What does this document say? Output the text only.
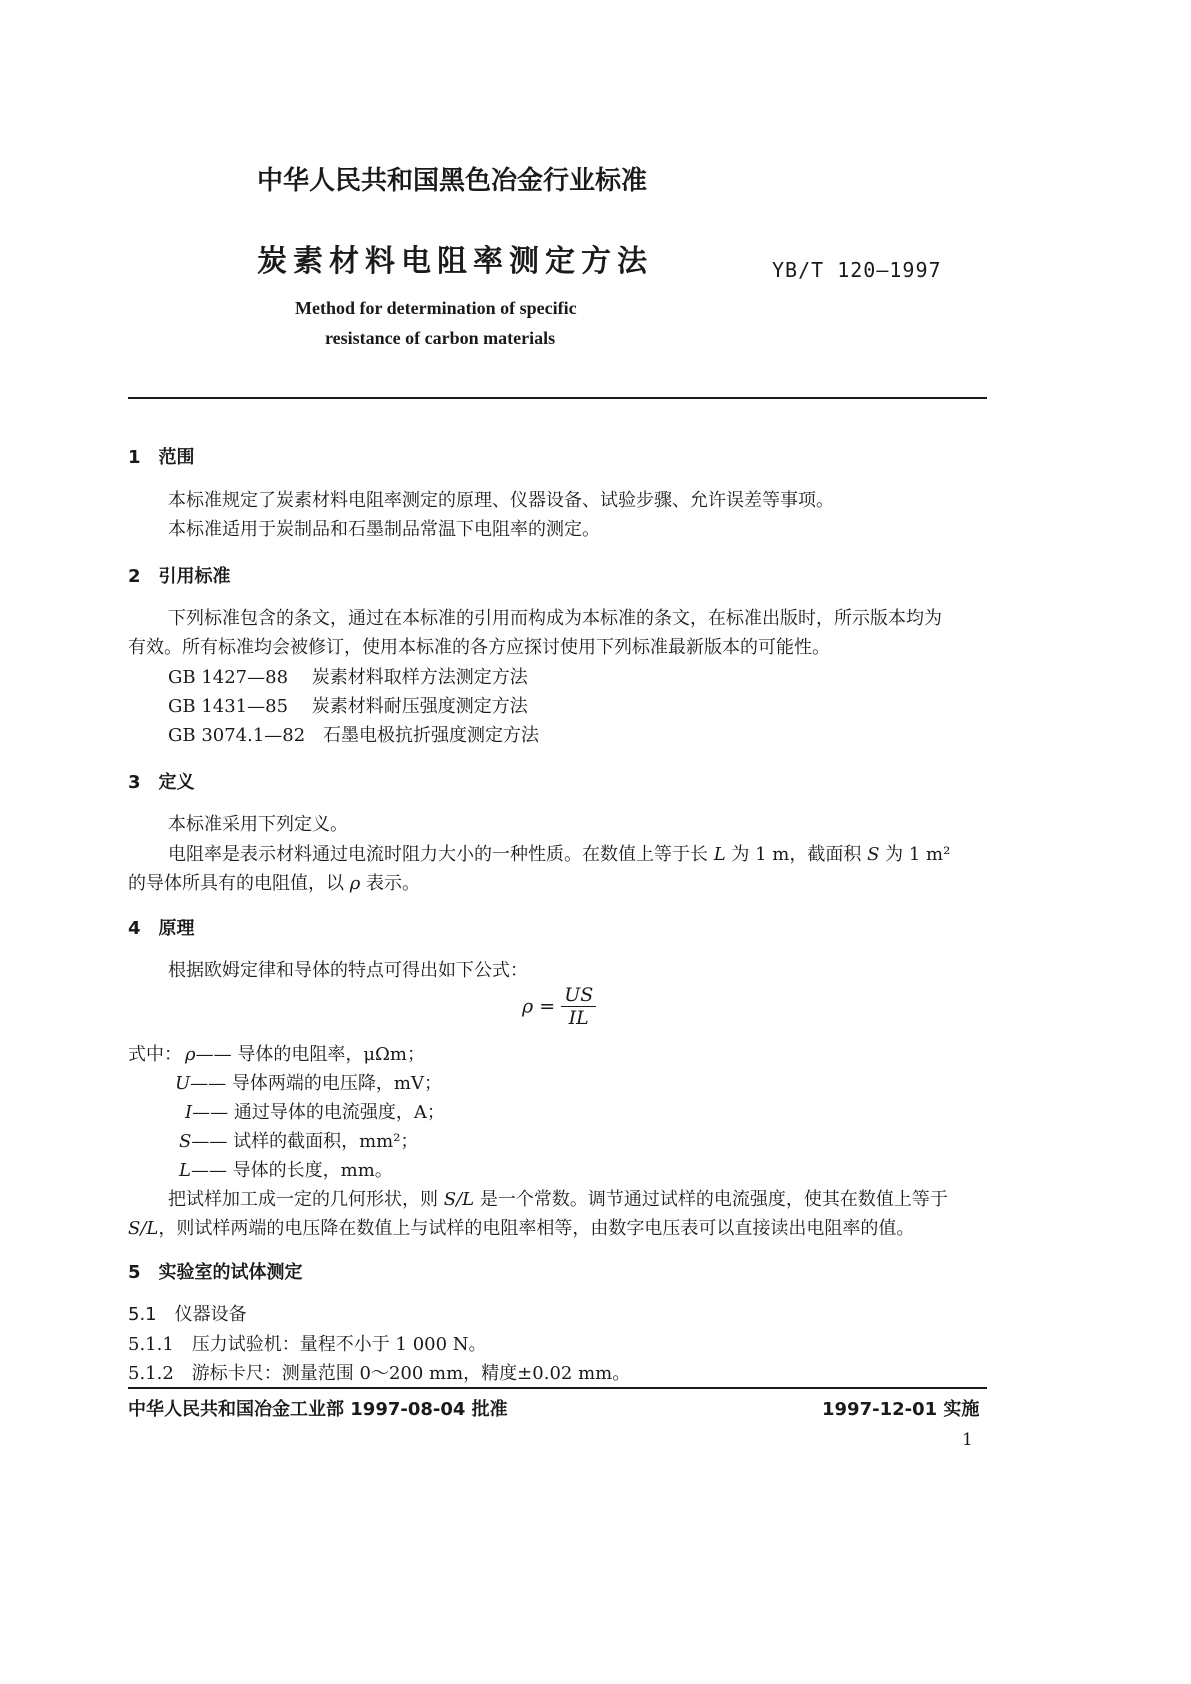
中华人民共和国黑色冶金行业标准
炭素材料电阻率测定方法	YB/T 120—1997
Method for determination of specific
resistance of carbon materials
1　范围
本标准规定了炭素材料电阻率测定的原理、仪器设备、试验步骤、允许误差等事项。
本标准适用于炭制品和石墨制品常温下电阻率的测定。
2　引用标准
下列标准包含的条文，通过在本标准的引用而构成为本标准的条文，在标准出版时，所示版本均为
有效。所有标准均会被修订，使用本标准的各方应探讨使用下列标准最新版本的可能性。
GB 1427—88 炭素材料取样方法测定方法
GB 1431—85 炭素材料耐压强度测定方法
GB 3074.1—82 石墨电极抗折强度测定方法
3　定义
本标准采用下列定义。
电阻率是表示材料通过电流时阻力大小的一种性质。在数值上等于长 L 为 1 m，截面积 S 为 1 m²
的导体所具有的电阻值，以 ρ 表示。
4　原理
根据欧姆定律和导体的特点可得出如下公式：
$\rho = \frac{US}{IL}$
式中： ρ—— 导体的电阻率，μΩm；
U—— 导体两端的电压降，mV；
I—— 通过导体的电流强度，A；
S—— 试样的截面积，mm²；
L—— 导体的长度，mm。
把试样加工成一定的几何形状，则 S/L 是一个常数。调节通过试样的电流强度，使其在数值上等于
S/L，则试样两端的电压降在数值上与试样的电阻率相等，由数字电压表可以直接读出电阻率的值。
5　实验室的试体测定
5.1　仪器设备
5.1.1　压力试验机：量程不小于 1 000 N。
5.1.2　游标卡尺：测量范围 0～200 mm，精度±0.02 mm。
中华人民共和国冶金工业部 1997-08-04 批准	1997-12-01 实施
1
